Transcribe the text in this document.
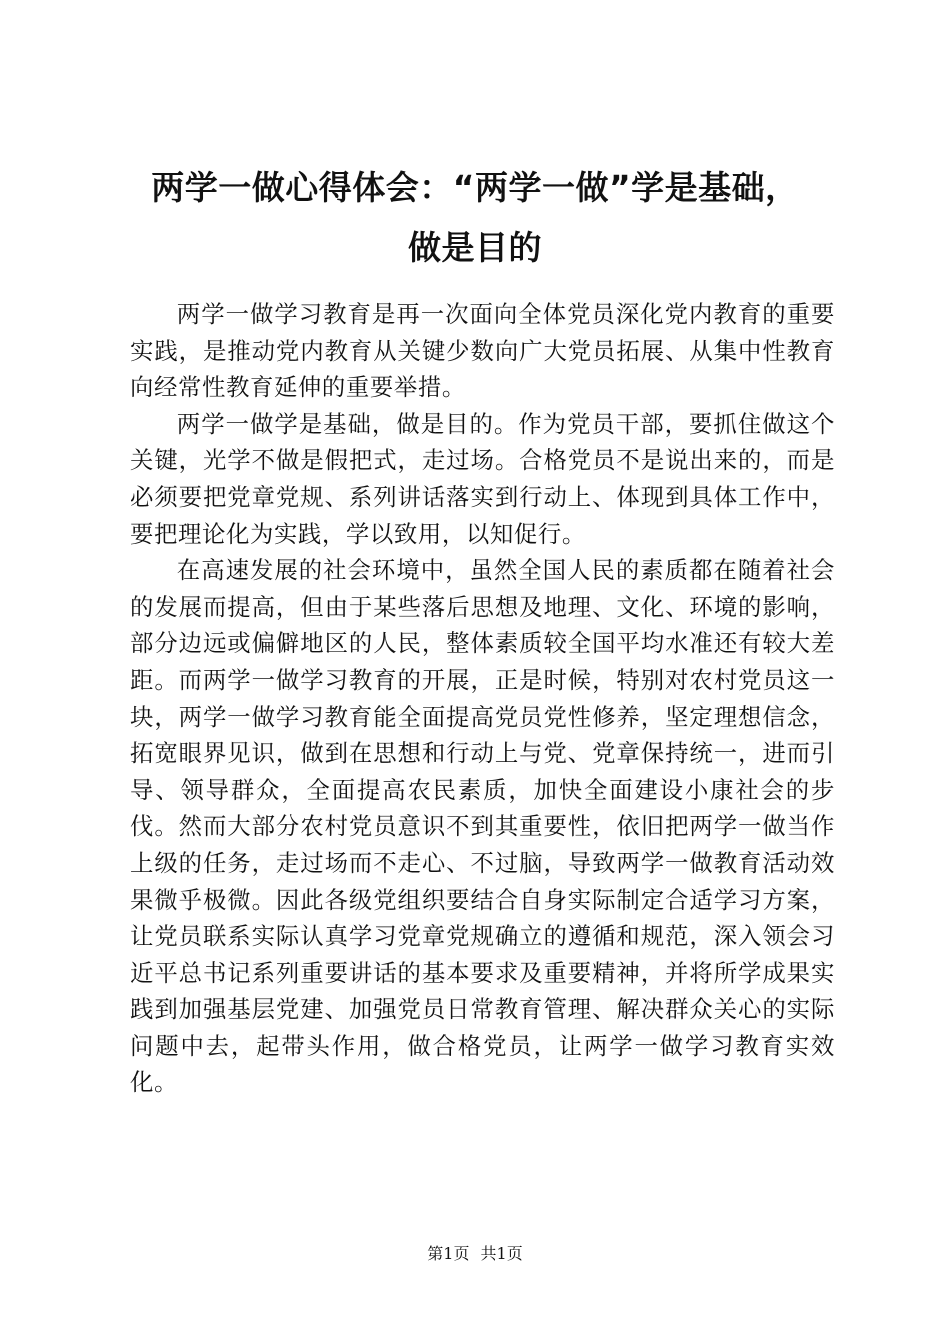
两学一做心得体会：“两学一做”学是基础，
做是目的

两学一做学习教育是再一次面向全体党员深化党内教育的重要实践，是推动党内教育从关键少数向广大党员拓展、从集中性教育向经常性教育延伸的重要举措。

两学一做学是基础，做是目的。作为党员干部，要抓住做这个关键，光学不做是假把式，走过场。合格党员不是说出来的，而是必须要把党章党规、系列讲话落实到行动上、体现到具体工作中，要把理论化为实践，学以致用，以知促行。

在高速发展的社会环境中，虽然全国人民的素质都在随着社会的发展而提高，但由于某些落后思想及地理、文化、环境的影响，部分边远或偏僻地区的人民，整体素质较全国平均水准还有较大差距。而两学一做学习教育的开展，正是时候，特别对农村党员这一块，两学一做学习教育能全面提高党员党性修养，坚定理想信念，拓宽眼界见识，做到在思想和行动上与党、党章保持统一，进而引导、领导群众，全面提高农民素质，加快全面建设小康社会的步伐。然而大部分农村党员意识不到其重要性，依旧把两学一做当作上级的任务，走过场而不走心、不过脑，导致两学一做教育活动效果微乎极微。因此各级党组织要结合自身实际制定合适学习方案，让党员联系实际认真学习党章党规确立的遵循和规范，深入领会习近平总书记系列重要讲话的基本要求及重要精神，并将所学成果实践到加强基层党建、加强党员日常教育管理、解决群众关心的实际问题中去，起带头作用，做合格党员，让两学一做学习教育实效化。

第1页 共1页
